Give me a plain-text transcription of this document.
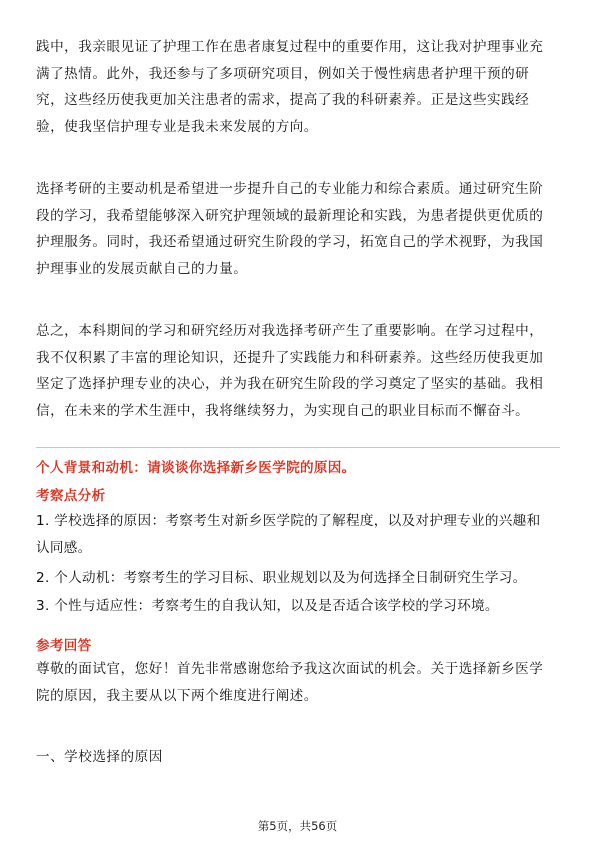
践中，我亲眼见证了护理工作在患者康复过程中的重要作用，这让我对护理事业充
满了热情。此外，我还参与了多项研究项目，例如关于慢性病患者护理干预的研
究，这些经历使我更加关注患者的需求，提高了我的科研素养。正是这些实践经
验，使我坚信护理专业是我未来发展的方向。
选择考研的主要动机是希望进一步提升自己的专业能力和综合素质。通过研究生阶
段的学习，我希望能够深入研究护理领域的最新理论和实践，为患者提供更优质的
护理服务。同时，我还希望通过研究生阶段的学习，拓宽自己的学术视野，为我国
护理事业的发展贡献自己的力量。
总之，本科期间的学习和研究经历对我选择考研产生了重要影响。在学习过程中，
我不仅积累了丰富的理论知识，还提升了实践能力和科研素养。这些经历使我更加
坚定了选择护理专业的决心，并为我在研究生阶段的学习奠定了坚实的基础。我相
信，在未来的学术生涯中，我将继续努力，为实现自己的职业目标而不懈奋斗。

个人背景和动机：请谈谈你选择新乡医学院的原因。

考察点分析

1. 学校选择的原因：考察考生对新乡医学院的了解程度，以及对护理专业的兴趣和
认同感。
2. 个人动机：考察考生的学习目标、职业规划以及为何选择全日制研究生学习。
3. 个性与适应性：考察考生的自我认知，以及是否适合该学校的学习环境。

参考回答

尊敬的面试官，您好！首先非常感谢您给予我这次面试的机会。关于选择新乡医学
院的原因，我主要从以下两个维度进行阐述。
一、学校选择的原因
第5页，共56页
